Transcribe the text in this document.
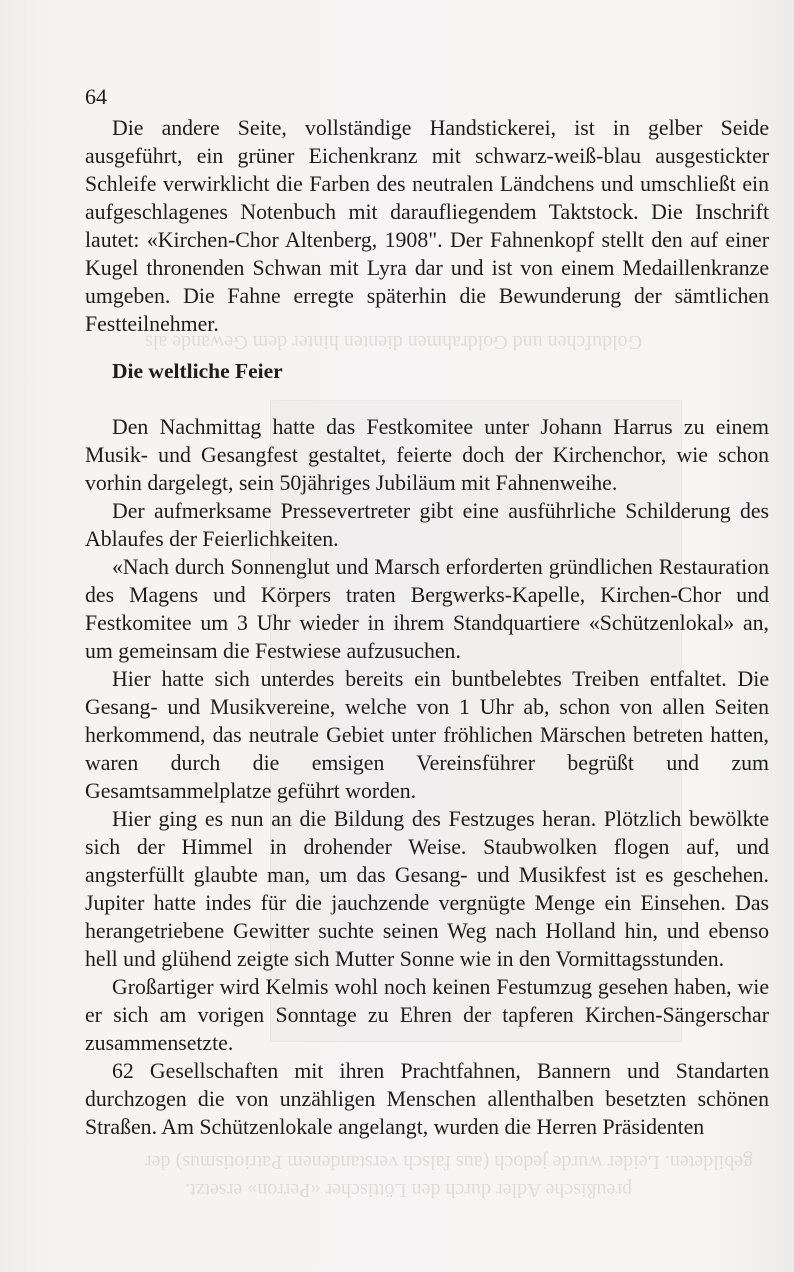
Goldufchen und Goldrahmen dienten hinter dem Gewande als
gebildeten. Leider wurde jedoch (aus falsch verstandenem Patriotismus) der
preußische Adler durch den Löttischer «Perron» ersetzt.
64

Die andere Seite, vollständige Handstickerei, ist in gelber Seide ausgeführt, ein grüner Eichenkranz mit schwarz-weiß-blau ausgestickter Schleife verwirklicht die Farben des neutralen Ländchens und umschließt ein aufgeschlagenes Notenbuch mit daraufliegendem Taktstock. Die Inschrift lautet: «Kirchen-Chor Altenberg, 1908". Der Fahnenkopf stellt den auf einer Kugel thronenden Schwan mit Lyra dar und ist von einem Medaillenkranze umgeben. Die Fahne erregte späterhin die Bewunderung der sämtlichen Festteilnehmer.

Die weltliche Feier

Den Nachmittag hatte das Festkomitee unter Johann Harrus zu einem Musik- und Gesangfest gestaltet, feierte doch der Kirchenchor, wie schon vorhin dargelegt, sein 50jähriges Jubiläum mit Fahnenweihe.

Der aufmerksame Pressevertreter gibt eine ausführliche Schilderung des Ablaufes der Feierlichkeiten.

«Nach durch Sonnenglut und Marsch erforderten gründlichen Restauration des Magens und Körpers traten Bergwerks-Kapelle, Kirchen-Chor und Festkomitee um 3 Uhr wieder in ihrem Standquartiere «Schützenlokal» an, um gemeinsam die Festwiese aufzusuchen.

Hier hatte sich unterdes bereits ein buntbelebtes Treiben entfaltet. Die Gesang- und Musikvereine, welche von 1 Uhr ab, schon von allen Seiten herkommend, das neutrale Gebiet unter fröhlichen Märschen betreten hatten, waren durch die emsigen Vereinsführer begrüßt und zum Gesamtsammelplatze geführt worden.

Hier ging es nun an die Bildung des Festzuges heran. Plötzlich bewölkte sich der Himmel in drohender Weise. Staubwolken flogen auf, und angsterfüllt glaubte man, um das Gesang- und Musikfest ist es geschehen. Jupiter hatte indes für die jauchzende vergnügte Menge ein Einsehen. Das herangetriebene Gewitter suchte seinen Weg nach Holland hin, und ebenso hell und glühend zeigte sich Mutter Sonne wie in den Vormittagsstunden.

Großartiger wird Kelmis wohl noch keinen Festumzug gesehen haben, wie er sich am vorigen Sonntage zu Ehren der tapferen Kirchen-Sängerschar zusammensetzte.

62 Gesellschaften mit ihren Prachtfahnen, Bannern und Standarten durchzogen die von unzähligen Menschen allenthalben besetzten schönen Straßen. Am Schützenlokale angelangt, wurden die Herren Präsidenten
